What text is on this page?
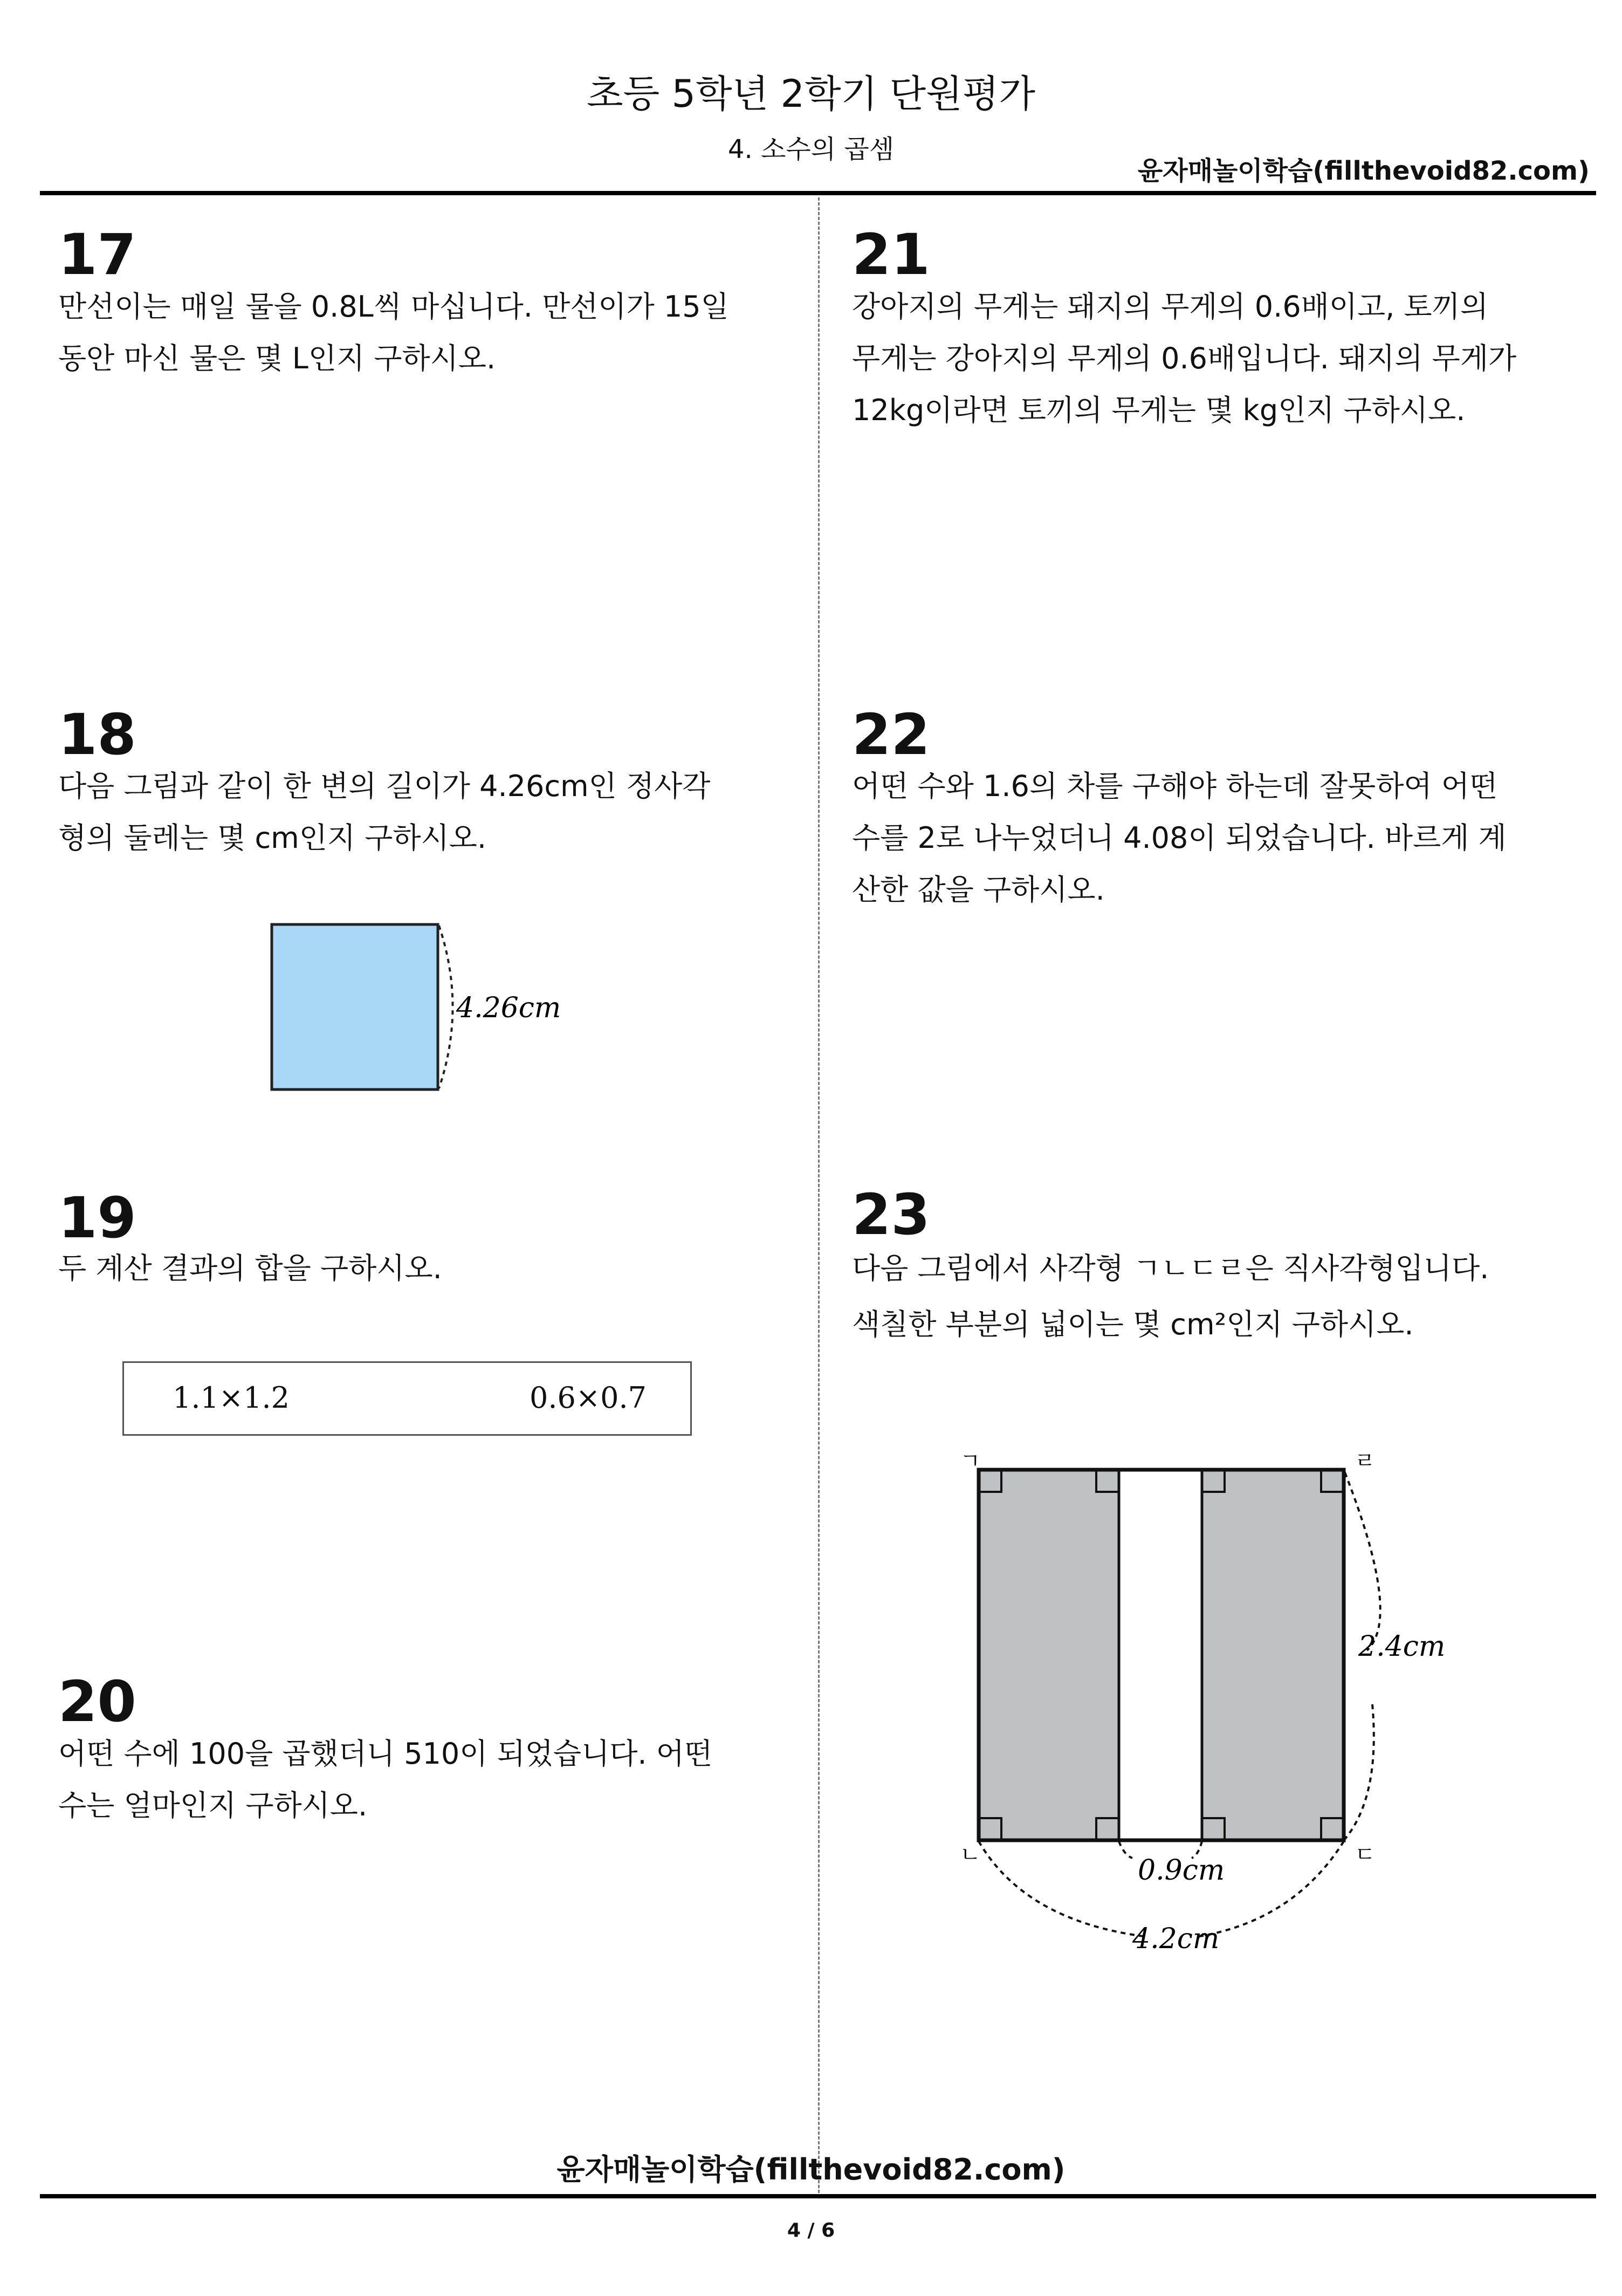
초등 5학년 2학기 단원평가
4. 소수의 곱셈
윤자매놀이학습(fillthevoid82.com)
17
만선이는 매일 물을 0.8L씩 마십니다. 만선이가 15일
동안 마신 물은 몇 L인지 구하시오.
18
다음 그림과 같이 한 변의 길이가 4.26cm인 정사각
형의 둘레는 몇 cm인지 구하시오.
4.26cm
19
두 계산 결과의 합을 구하시오.
1.1×1.2	0.6×0.7
20
어떤 수에 100을 곱했더니 510이 되었습니다. 어떤
수는 얼마인지 구하시오.
21
강아지의 무게는 돼지의 무게의 0.6배이고, 토끼의
무게는 강아지의 무게의 0.6배입니다. 돼지의 무게가
12kg이라면 토끼의 무게는 몇 kg인지 구하시오.
22
어떤 수와 1.6의 차를 구해야 하는데 잘못하여 어떤
수를 2로 나누었더니 4.08이 되었습니다. 바르게 계
산한 값을 구하시오.
23
다음 그림에서 사각형 ㄱㄴㄷㄹ은 직사각형입니다.
색칠한 부분의 넓이는 몇 cm²인지 구하시오.
ㄱ
ㄴ	ㄷ
ㄹ
2.4cm
0.9cm
4.2cm
윤자매놀이학습(fillthevoid82.com)
4 / 6
